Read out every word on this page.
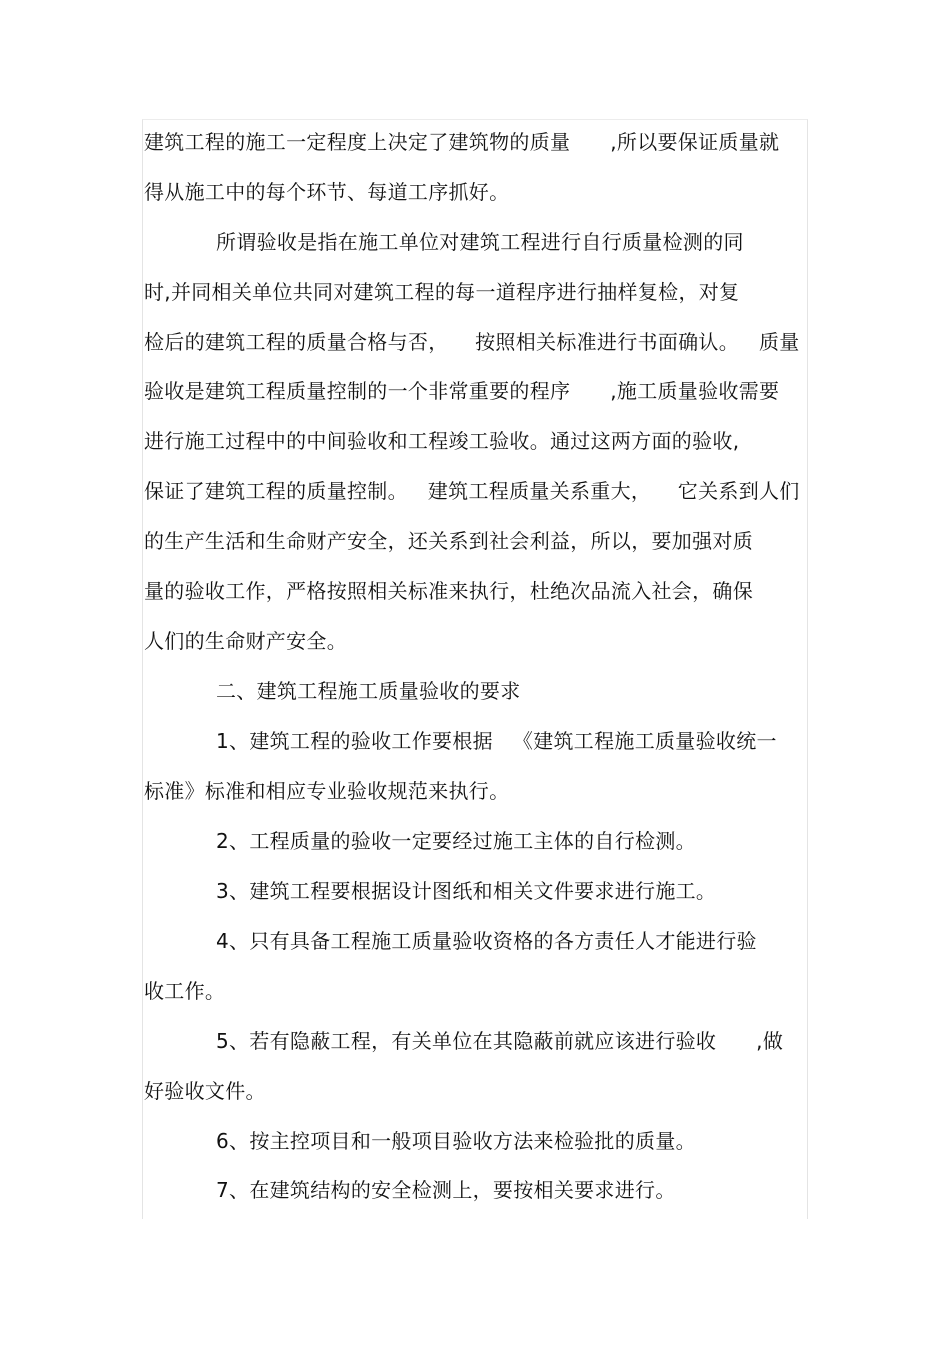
建筑工程的施工一定程度上决定了建筑物的质量      ,所以要保证质量就
得从施工中的每个环节、每道工序抓好。
所谓验收是指在施工单位对建筑工程进行自行质量检测的同
时,并同相关单位共同对建筑工程的每一道程序进行抽样复检，对复
检后的建筑工程的质量合格与否，    按照相关标准进行书面确认。   质量
验收是建筑工程质量控制的一个非常重要的程序      ,施工质量验收需要
进行施工过程中的中间验收和工程竣工验收。通过这两方面的验收,
保证了建筑工程的质量控制。   建筑工程质量关系重大，    它关系到人们
的生产生活和生命财产安全，还关系到社会利益，所以，要加强对质
量的验收工作，严格按照相关标准来执行，杜绝次品流入社会，确保
人们的生命财产安全。
二、建筑工程施工质量验收的要求
1、建筑工程的验收工作要根据   《建筑工程施工质量验收统一
标准》标准和相应专业验收规范来执行。
2、工程质量的验收一定要经过施工主体的自行检测。
3、建筑工程要根据设计图纸和相关文件要求进行施工。
4、只有具备工程施工质量验收资格的各方责任人才能进行验
收工作。
5、若有隐蔽工程，有关单位在其隐蔽前就应该进行验收      ,做
好验收文件。
6、按主控项目和一般项目验收方法来检验批的质量。
7、在建筑结构的安全检测上，要按相关要求进行。
